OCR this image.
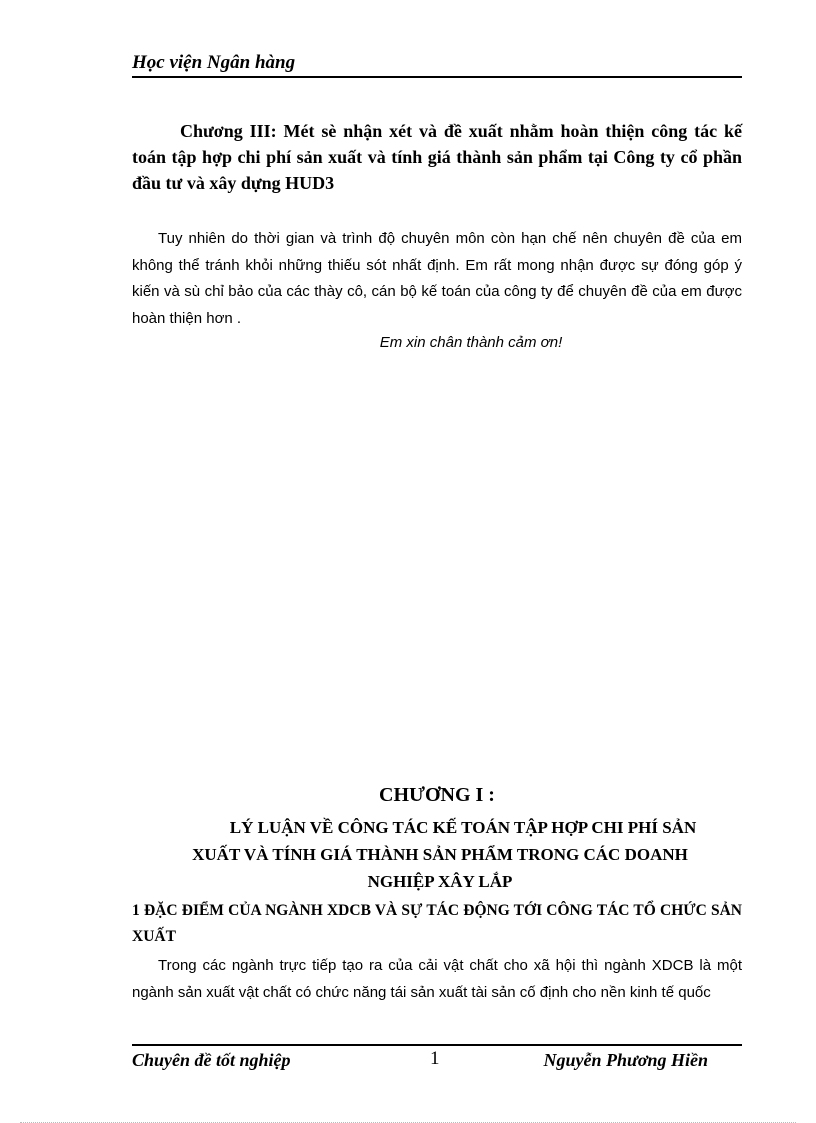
Học viện Ngân hàng
Chương III: Mét sè nhận xét và đề xuất nhằm hoàn thiện công tác kế toán tập hợp chi phí sản xuất và tính giá thành sản phẩm tại Công ty cổ phần đầu tư và xây dựng HUD3
Tuy nhiên do thời gian và trình độ chuyên môn còn hạn chế nên chuyên đề của em không thể tránh khỏi những thiếu sót nhất định. Em rất mong nhận được sự đóng góp ý kiến và sù chỉ bảo của các thày cô, cán bộ kế toán của công ty để chuyên đề của em được hoàn thiện hơn .
Em xin chân thành cảm ơn!
CHƯƠNG I :
LÝ LUẬN VỀ CÔNG TÁC KẾ TOÁN TẬP HỢP CHI PHÍ SẢN
XUẤT VÀ TÍNH GIÁ THÀNH SẢN PHẨM TRONG CÁC DOANH
NGHIỆP XÂY LẮP
1 ĐẶC ĐIỂM CỦA NGÀNH XDCB VÀ SỰ TÁC ĐỘNG TỚI CÔNG TÁC TỔ CHỨC SẢN XUẤT
Trong các ngành trực tiếp tạo ra của cải vật chất cho xã hội thì ngành XDCB là một ngành sản xuất vật chất có chức năng tái sản xuất tài sản cố định cho nền kinh tế quốc
Chuyên đề tốt nghiệp	1	Nguyễn Phương Hiền
